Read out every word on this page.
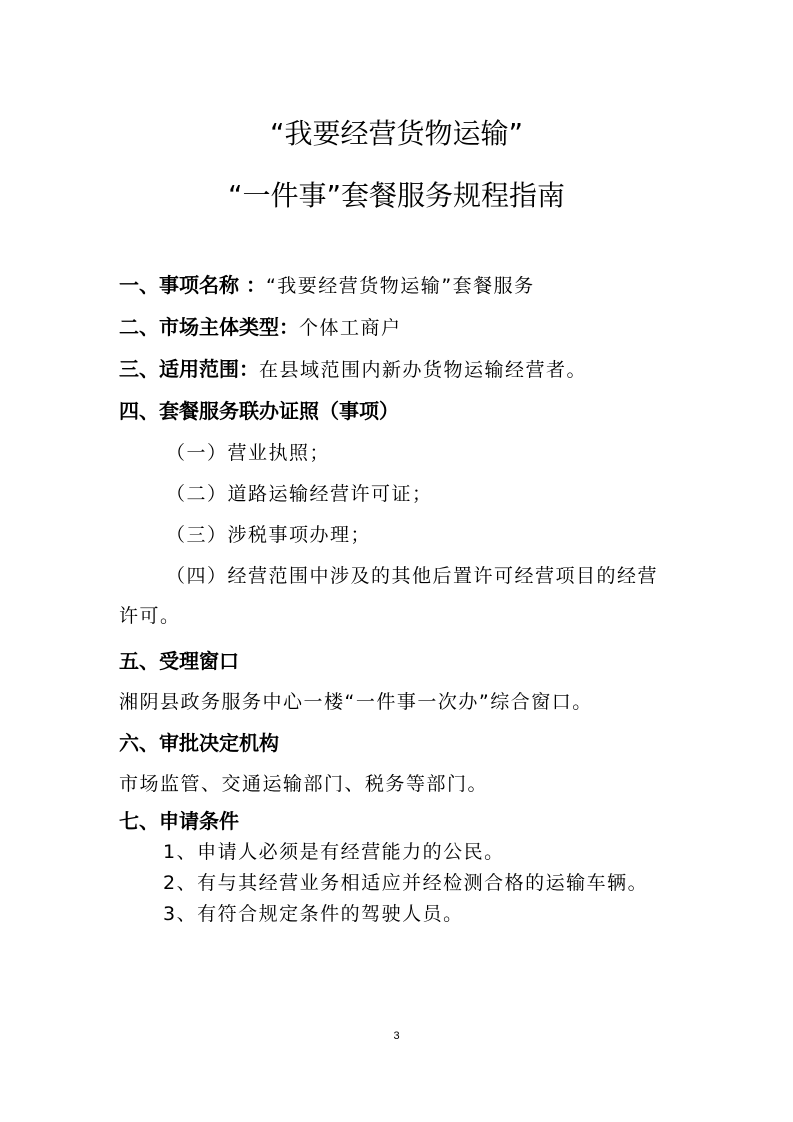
“我要经营货物运输”
“一件事”套餐服务规程指南
一、事项名称 ：“我要经营货物运输”套餐服务
二、市场主体类型：个体工商户
三、适用范围：在县域范围内新办货物运输经营者。
四、套餐服务联办证照（事项）
（一）营业执照；
（二）道路运输经营许可证；
（三）涉税事项办理；
（四）经营范围中涉及的其他后置许可经营项目的经营
许可。
五、受理窗口
湘阴县政务服务中心一楼“一件事一次办”综合窗口。
六、审批决定机构
市场监管、交通运输部门、税务等部门。
七、申请条件
1、申请人必须是有经营能力的公民。
2、有与其经营业务相适应并经检测合格的运输车辆。
3、有符合规定条件的驾驶人员。
3
